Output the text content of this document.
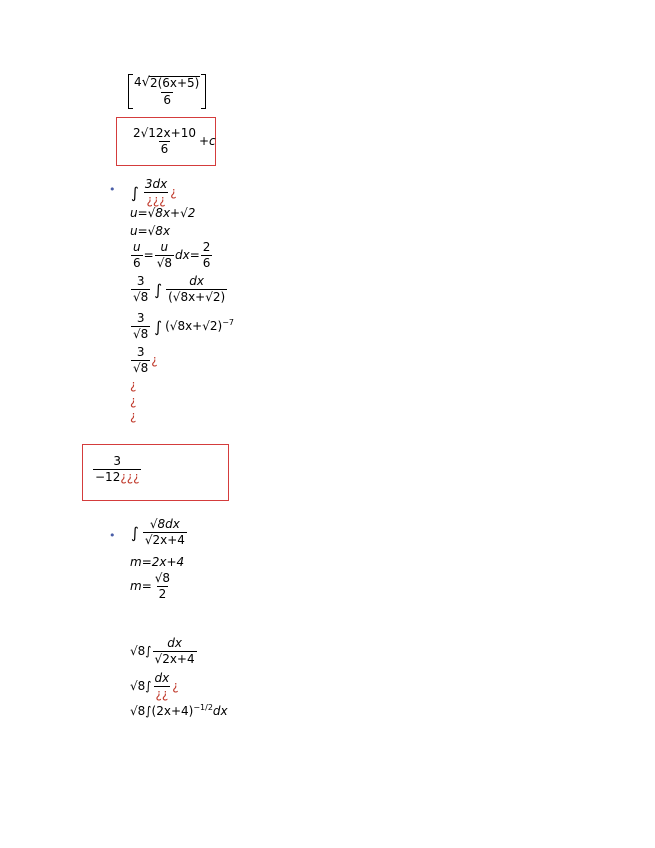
$\frac{4 √ 2(6x+5)}{6}$
$\frac{2√12x+10}{6} +c$
• ∫ $\frac{3dx}{¿¿¿}$ ¿
u=√8x+√2
u=√8x
$\frac{u}{6} = \frac{u}{√8} dx= \frac{2}{6}$
$\frac{3}{√8}$ ∫ $\frac{dx}{(√8x+√2)}$
$\frac{3}{√8}$ ∫ $(√8x+√2)^{-7}$
$\frac{3}{√8}$ ¿
¿
¿
¿
$\frac{3}{-12¿¿¿}$
• ∫ $\frac{√8dx}{√2x+4}$
m=2x+4
$m= \frac{√8}{2}$
$√8\int \frac{dx}{√2x+4}$
$√8\int \frac{dx}{¿¿}$ ¿
$√8\int(2x+4)^{-1/2}dx$
